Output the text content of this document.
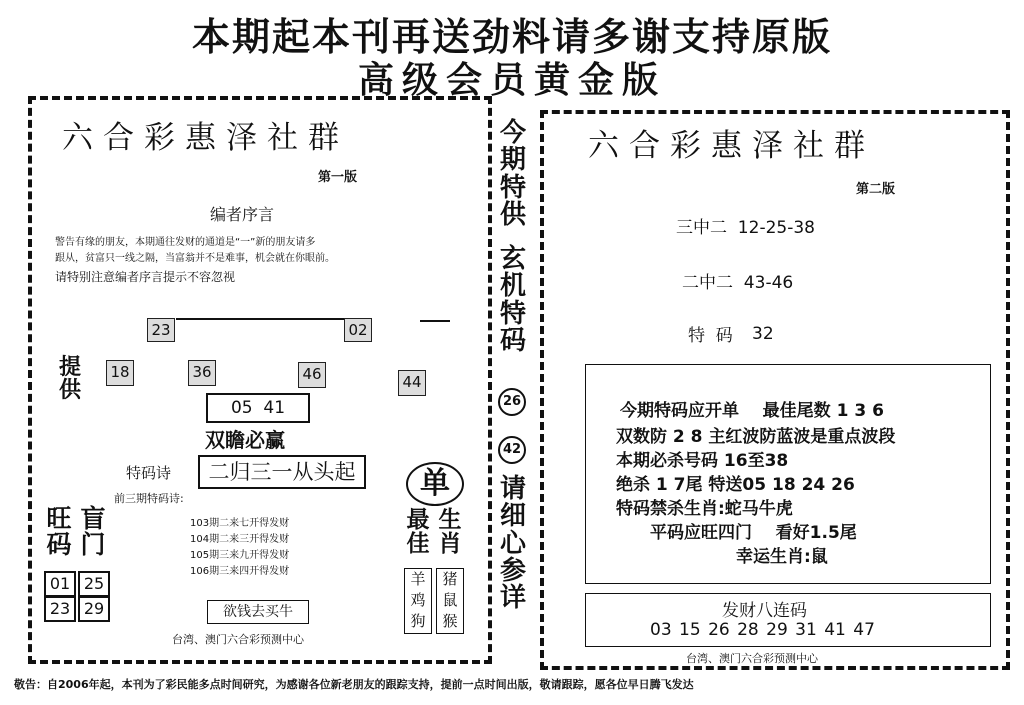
本期起本刊再送劲料请多谢支持原版
高级会员黄金版
六合彩惠泽社群
第一版
编者序言
警告有缘的朋友，本期通往发财的通道是“一”新的朋友请多
跟从，贫富只一线之隔，当富翁并不是难事，机会就在你眼前。
请特别注意编者序言提示不容忽视
23	02
提供
18	36	46	44
05  41
双瞻必赢
特码诗	二归三一从头起
前三期特码诗:
103期二来七开得发财
104期二来三开得发财
105期三来九开得发财
106期三来四开得发财
旺码
盲门
01 25
23 29
单
最佳
生肖
羊鸡狗
猪鼠猴
欲钱去买牛
台湾、澳门六合彩预测中心
今期特供
玄机特码
26
42
请细心参详
六合彩惠泽社群
第二版
三中二  12-25-38
二中二  43-46
特  码 32
今期特码应开单    最佳尾数 1 3 6
双数防 2 8 主红波防蓝波是重点波段
本期必杀号码 16至38
绝杀 1 7尾 特送05 18 24 26
特码禁杀生肖:蛇马牛虎
平码应旺四门    看好1.5尾
幸运生肖:鼠
发财八连码
03 15 26 28 29 31 41 47
台湾、澳门六合彩预测中心
敬告：自2006年起，本刊为了彩民能多点时间研究，为感谢各位新老朋友的跟踪支持，提前一点时间出版，敬请跟踪，愿各位早日腾飞发达
